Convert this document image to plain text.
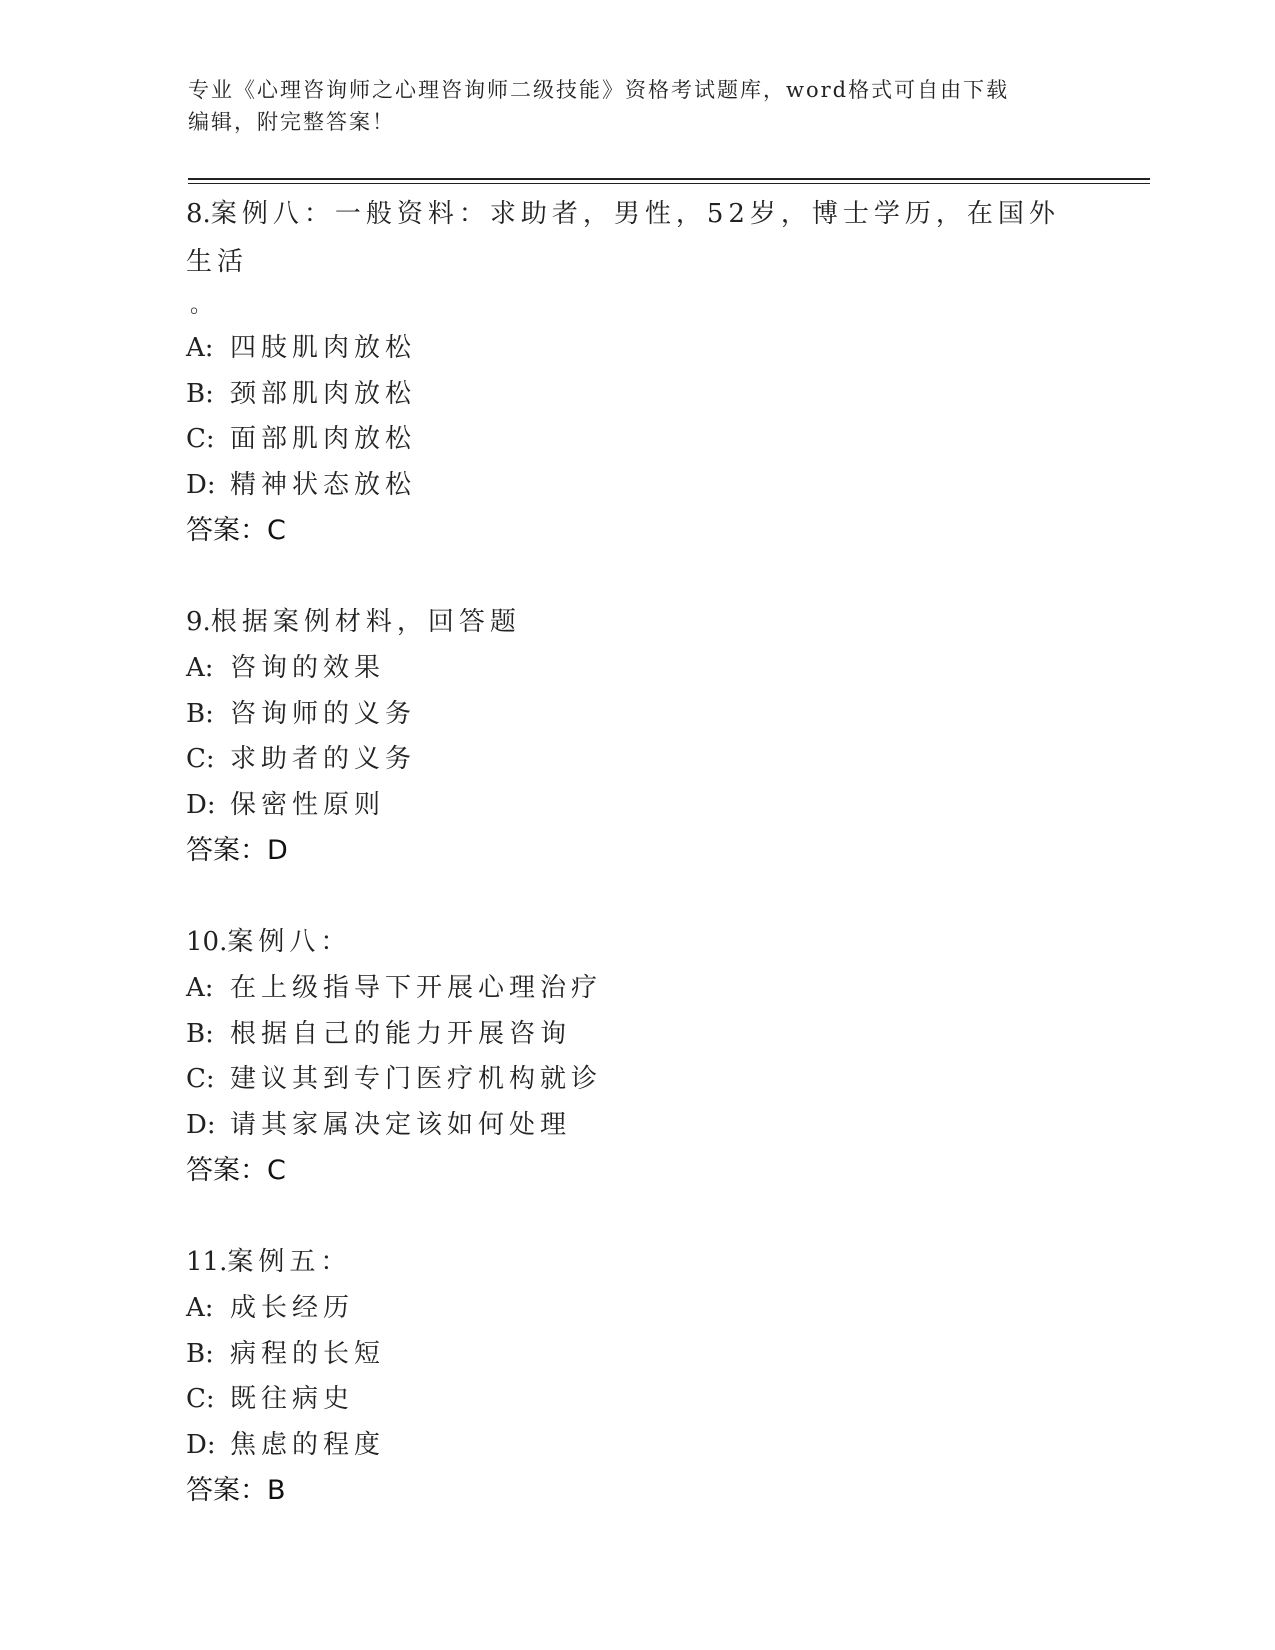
专业《心理咨询师之心理咨询师二级技能》资格考试题库，word格式可自由下载
编辑，附完整答案！

8.案例八：一般资料：求助者，男性，52岁，博士学历，在国外生活

。

A: 四肢肌肉放松

B: 颈部肌肉放松

C: 面部肌肉放松

D: 精神状态放松

答案：C

9.根据案例材料，回答题

A: 咨询的效果

B: 咨询师的义务

C: 求助者的义务

D: 保密性原则

答案：D

10.案例八：

A: 在上级指导下开展心理治疗

B: 根据自己的能力开展咨询

C: 建议其到专门医疗机构就诊

D: 请其家属决定该如何处理

答案：C

11.案例五：

A: 成长经历

B: 病程的长短

C: 既往病史

D: 焦虑的程度

答案：B
